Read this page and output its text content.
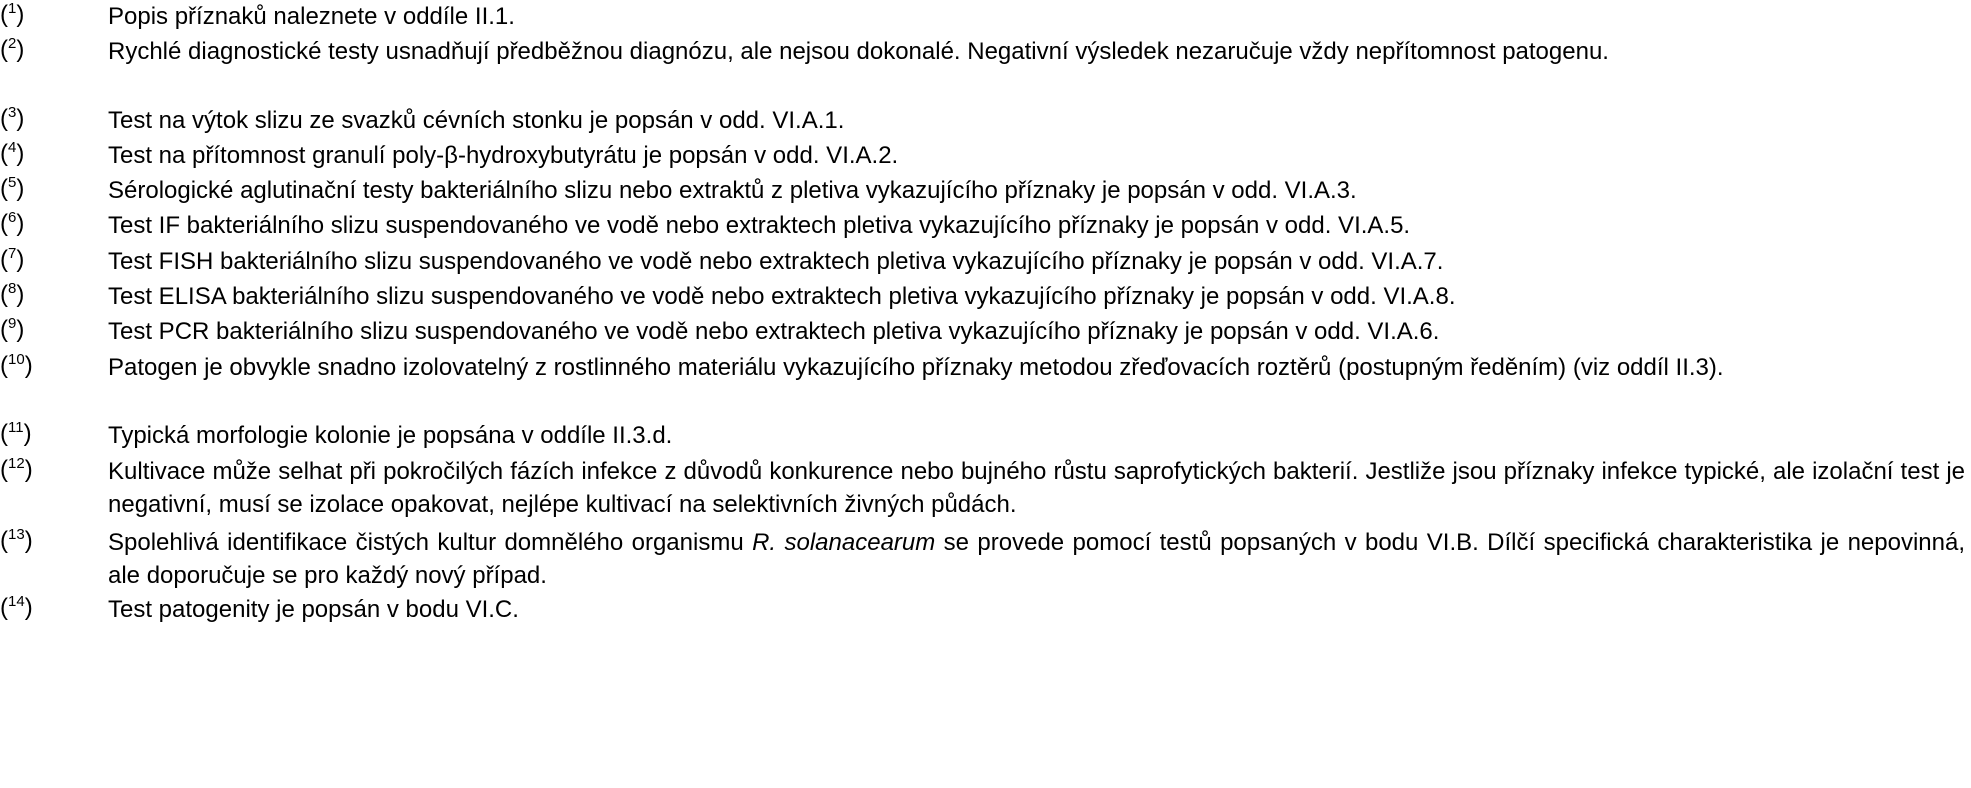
($^1$)	Popis příznaků naleznete v oddíle II.1.
($^2$)	Rychlé diagnostické testy usnadňují předběžnou diagnózu, ale nejsou dokonalé. Negativní výsledek nezaručuje vždy nepřítomnost patogenu.
($^3$)	Test na výtok slizu ze svazků cévních stonku je popsán v odd. VI.A.1.
($^4$)	Test na přítomnost granulí poly-β-hydroxybutyrátu je popsán v odd. VI.A.2.
($^5$)	Sérologické aglutinační testy bakteriálního slizu nebo extraktů z pletiva vykazujícího příznaky je popsán v odd. VI.A.3.
($^6$)	Test IF bakteriálního slizu suspendovaného ve vodě nebo extraktech pletiva vykazujícího příznaky je popsán v odd. VI.A.5.
($^7$)	Test FISH bakteriálního slizu suspendovaného ve vodě nebo extraktech pletiva vykazujícího příznaky je popsán v odd. VI.A.7.
($^8$)	Test ELISA bakteriálního slizu suspendovaného ve vodě nebo extraktech pletiva vykazujícího příznaky je popsán v odd. VI.A.8.
($^9$)	Test PCR bakteriálního slizu suspendovaného ve vodě nebo extraktech pletiva vykazujícího příznaky je popsán v odd. VI.A.6.
($^{10}$)	Patogen je obvykle snadno izolovatelný z rostlinného materiálu vykazujícího příznaky metodou zřeďovacích roztěrů (postupným ředěním) (viz oddíl II.3).
($^{11}$)	Typická morfologie kolonie je popsána v oddíle II.3.d.
($^{12}$)	Kultivace může selhat při pokročilých fázích infekce z důvodů konkurence nebo bujného růstu saprofytických bakterií. Jestliže jsou příznaky infekce typické, ale izolační test je negativní, musí se izolace opakovat, nejlépe kultivací na selektivních živných půdách.
($^{13}$)	Spolehlivá identifikace čistých kultur domnělého organismu R. solanacearum se provede pomocí testů popsaných v bodu VI.B. Dílčí specifická charakteristika je nepovinná, ale doporučuje se pro každý nový případ.
($^{14}$)	Test patogenity je popsán v bodu VI.C.
